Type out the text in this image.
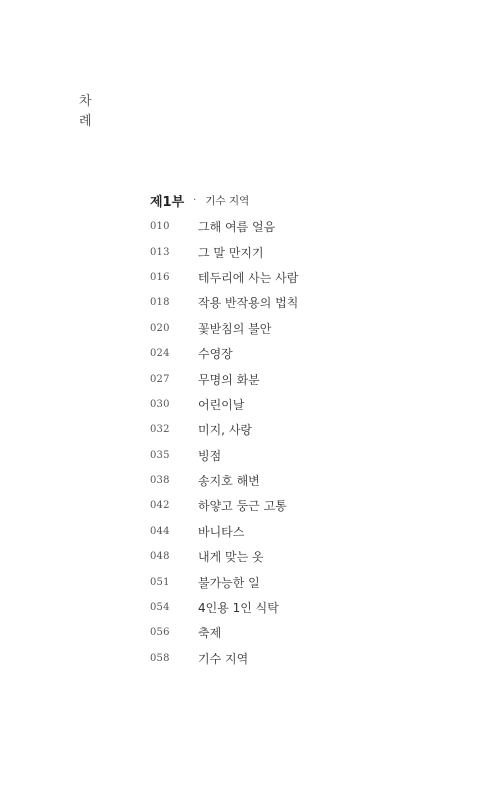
차
례
제1부 · 기수 지역
010	그해 여름 얼음
013	그 말 만지기
016	테두리에 사는 사람
018	작용 반작용의 법칙
020	꽃받침의 불안
024	수영장
027	무명의 화분
030	어린이날
032	미지, 사랑
035	빙점
038	송지호 해변
042	하얗고 둥근 고통
044	바니타스
048	내게 맞는 옷
051	불가능한 일
054	4인용 1인 식탁
056	축제
058	기수 지역
